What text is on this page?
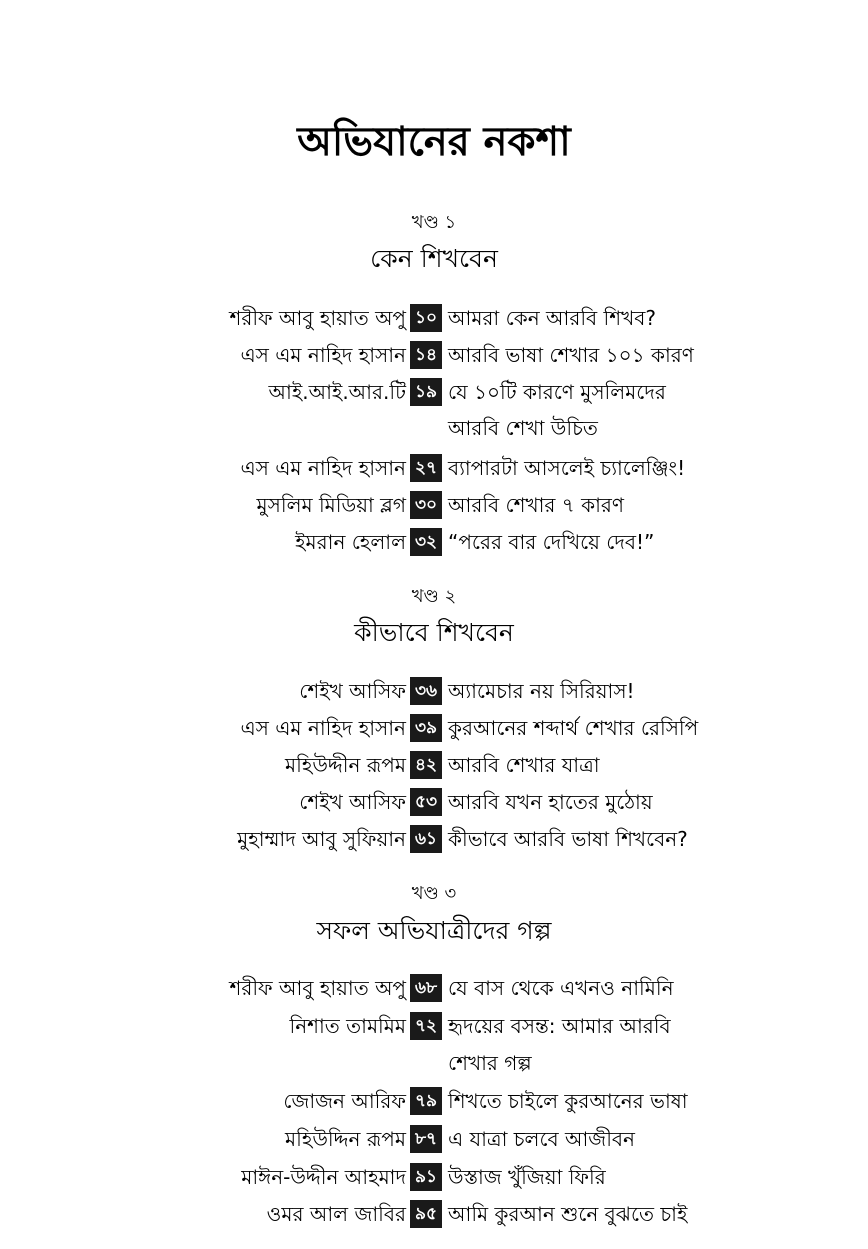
অভিযানের নকশা
খণ্ড ১
কেন শিখবেন
শরীফ আবু হায়াত অপু ১০ আমরা কেন আরবি শিখব?
এস এম নাহিদ হাসান ১৪ আরবি ভাষা শেখার ১০১ কারণ
আই.আই.আর.টি ১৯ যে ১০টি কারণে মুসলিমদের
আরবি শেখা উচিত
এস এম নাহিদ হাসান ২৭ ব্যাপারটা আসলেই চ্যালেঞ্জিং!
মুসলিম মিডিয়া ব্লগ ৩০ আরবি শেখার ৭ কারণ
ইমরান হেলাল ৩২ “পরের বার দেখিয়ে দেব!”
খণ্ড ২
কীভাবে শিখবেন
শেইখ আসিফ ৩৬ অ্যামেচার নয় সিরিয়াস!
এস এম নাহিদ হাসান ৩৯ কুরআনের শব্দার্থ শেখার রেসিপি
মহিউদ্দীন রূপম ৪২ আরবি শেখার যাত্রা
শেইখ আসিফ ৫৩ আরবি যখন হাতের মুঠোয়
মুহাম্মাদ আবু সুফিয়ান ৬১ কীভাবে আরবি ভাষা শিখবেন?
খণ্ড ৩
সফল অভিযাত্রীদের গল্প
শরীফ আবু হায়াত অপু ৬৮ যে বাস থেকে এখনও নামিনি
নিশাত তামমিম ৭২ হৃদয়ের বসন্ত: আমার আরবি
শেখার গল্প
জোজন আরিফ ৭৯ শিখতে চাইলে কুরআনের ভাষা
মহিউদ্দিন রূপম ৮৭ এ যাত্রা চলবে আজীবন
মাঈন-উদ্দীন আহমাদ ৯১ উস্তাজ খুঁজিয়া ফিরি
ওমর আল জাবির ৯৫ আমি কুরআন শুনে বুঝতে চাই
